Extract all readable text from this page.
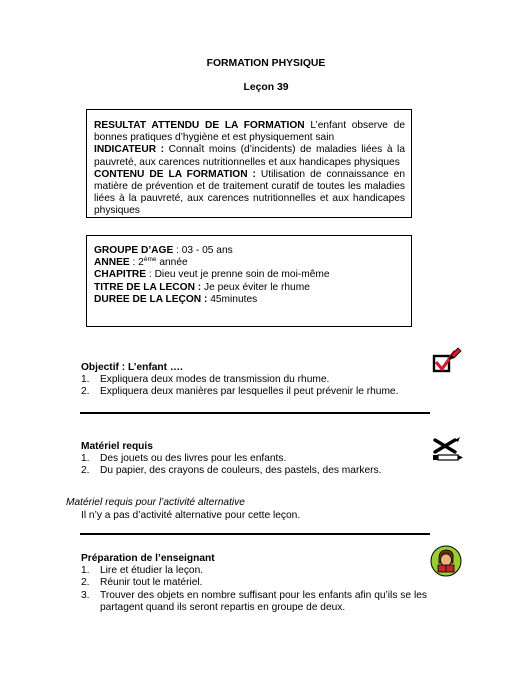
FORMATION PHYSIQUE
Leçon 39

RESULTAT ATTENDU DE LA FORMATION L’enfant observe de bonnes pratiques d’hygiène et est physiquement sain

INDICATEUR : Connaît moins (d’incidents) de maladies liées à la pauvreté, aux carences nutritionnelles et aux handicapes physiques

CONTENU DE LA FORMATION : Utilisation de connaissance en matière de prévention et de traitement curatif de toutes les maladies liées à la pauvreté, aux carences nutritionnelles et aux handicapes physiques

GROUPE D’AGE : 03 - 05 ans

ANNEE : 2ème année

CHAPITRE : Dieu veut je prenne soin de moi-même

TITRE DE LA LECON : Je peux éviter le rhume

DUREE DE LA LEÇON : 45minutes

Objectif : L’enfant ….
1. Expliquera deux modes de transmission du rhume.
2. Expliquera deux manières par lesquelles il peut prévenir le rhume.
Matériel requis
1. Des jouets ou des livres pour les enfants.
2. Du papier, des crayons de couleurs, des pastels, des markers.
Matériel requis pour l’activité alternative
Il n’y a pas d’activité alternative pour cette leçon.
Préparation de l’enseignant
1. Lire et étudier la leçon.
2. Réunir tout le matériel.
3. Trouver des objets en nombre suffisant pour les enfants afin qu’ils se les partagent quand ils seront repartis en groupe de deux.
